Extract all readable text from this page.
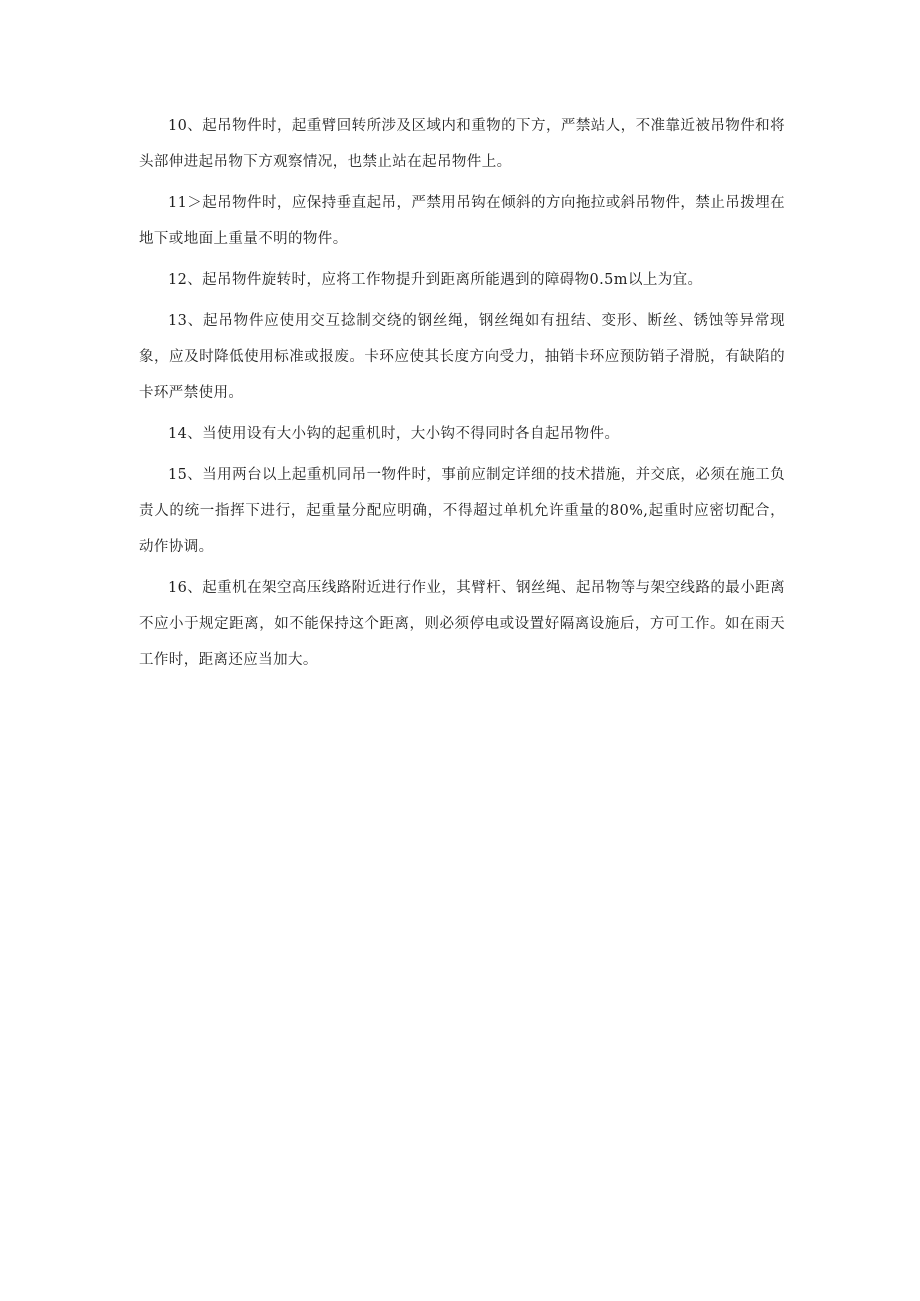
10、起吊物件时，起重臂回转所涉及区域内和重物的下方，严禁站人，不准靠近被吊物件和将头部伸进起吊物下方观察情况，也禁止站在起吊物件上。

11＞起吊物件时，应保持垂直起吊，严禁用吊钩在倾斜的方向拖拉或斜吊物件，禁止吊拨埋在地下或地面上重量不明的物件。

12、起吊物件旋转时，应将工作物提升到距离所能遇到的障碍物0.5m以上为宜。

13、起吊物件应使用交互捻制交绕的钢丝绳，钢丝绳如有扭结、变形、断丝、锈蚀等异常现象，应及时降低使用标准或报废。卡环应使其长度方向受力，抽销卡环应预防销子滑脱，有缺陷的卡环严禁使用。

14、当使用设有大小钩的起重机时，大小钩不得同时各自起吊物件。

15、当用两台以上起重机同吊一物件时，事前应制定详细的技术措施，并交底，必须在施工负责人的统一指挥下进行，起重量分配应明确，不得超过单机允许重量的80%,起重时应密切配合，动作协调。

16、起重机在架空高压线路附近进行作业，其臂杆、钢丝绳、起吊物等与架空线路的最小距离不应小于规定距离，如不能保持这个距离，则必须停电或设置好隔离设施后，方可工作。如在雨天工作时，距离还应当加大。
